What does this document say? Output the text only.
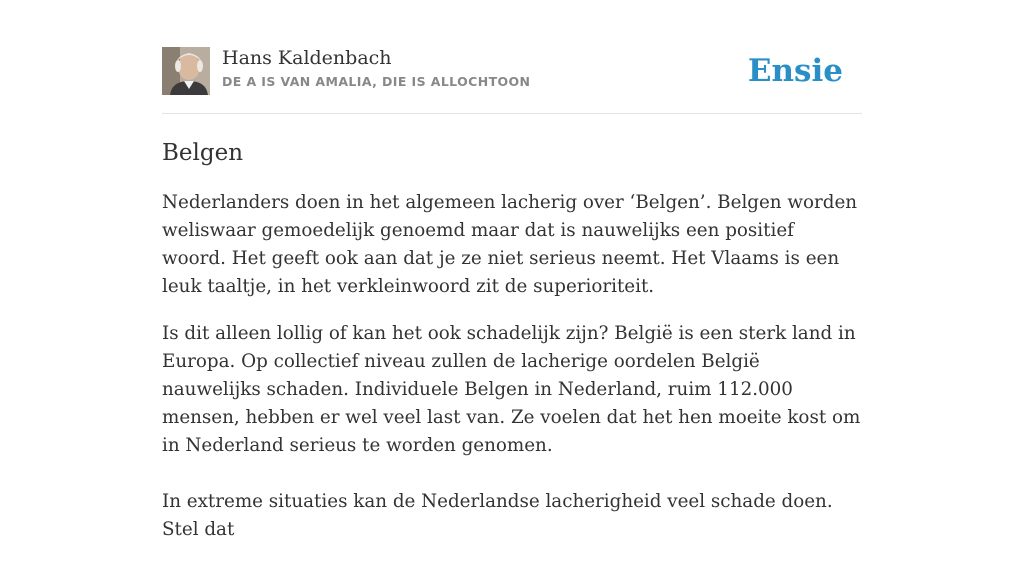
Hans Kaldenbach
DE A IS VAN AMALIA, DIE IS ALLOCHTOON	Ensie
Belgen

Nederlanders doen in het algemeen lacherig over ‘Belgen’. Belgen worden weliswaar gemoedelijk genoemd maar dat is nauwelijks een positief woord. Het geeft ook aan dat je ze niet serieus neemt. Het Vlaams is een leuk taaltje, in het verkleinwoord zit de superioriteit.

Is dit alleen lollig of kan het ook schadelijk zijn? België is een sterk land in Europa. Op collectief niveau zullen de lacherige oordelen België nauwelijks schaden. Individuele Belgen in Nederland, ruim 112.000 mensen, hebben er wel veel last van. Ze voelen dat het hen moeite kost om in Nederland serieus te worden genomen.

In extreme situaties kan de Nederlandse lacherigheid veel schade doen. Stel dat
